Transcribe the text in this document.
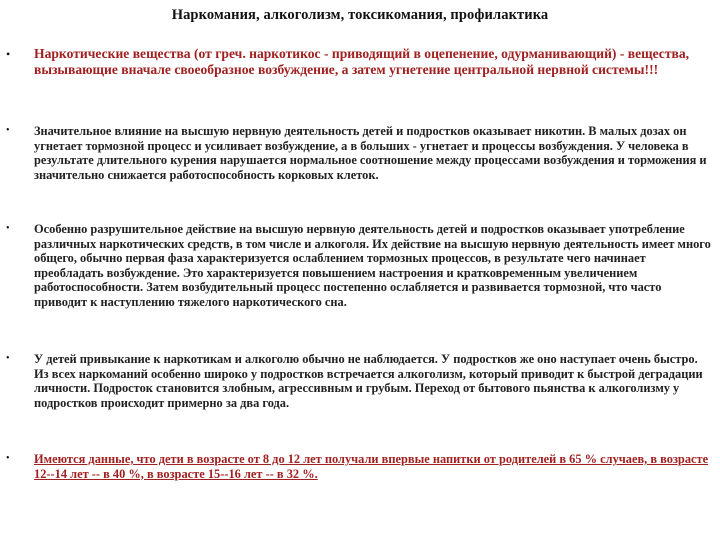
Наркомания, алкоголизм, токсикомания, профилактика
• Наркотические вещества (от греч. наркотикос - приводящий в оцепенение, одурманивающий) - вещества, вызывающие вначале своеобразное возбуждение, а затем угнетение центральной нервной системы!!!
• Значительное влияние на высшую нервную деятельность детей и подростков оказывает никотин. В малых дозах он угнетает тормозной процесс и усиливает возбуждение, а в больших - угнетает и процессы возбуждения. У человека в результате длительного курения нарушается нормальное соотношение между процессами возбуждения и торможения и значительно снижается работоспособность корковых клеток.
• Особенно разрушительное действие на высшую нервную деятельность детей и подростков оказывает употребление различных наркотических средств, в том числе и алкоголя. Их действие на высшую нервную деятельность имеет много общего, обычно первая фаза характеризуется ослаблением тормозных процессов, в результате чего начинает преобладать возбуждение. Это характеризуется повышением настроения и кратковременным увеличением работоспособности. Затем возбудительный процесс постепенно ослабляется и развивается тормозной, что часто приводит к наступлению тяжелого наркотического сна.
• У детей привыкание к наркотикам и алкоголю обычно не наблюдается. У подростков же оно наступает очень быстро. Из всех наркоманий особенно широко у подростков встречается алкоголизм, который приводит к быстрой деградации личности. Подросток становится злобным, агрессивным и грубым. Переход от бытового пьянства к алкоголизму у подростков происходит примерно за два года.
• Имеются данные, что дети в возрасте от 8 до 12 лет получали впервые напитки от родителей в 65 % случаев, в возрасте 12--14 лет -- в 40 %, в возрасте 15--16 лет -- в 32 %.
